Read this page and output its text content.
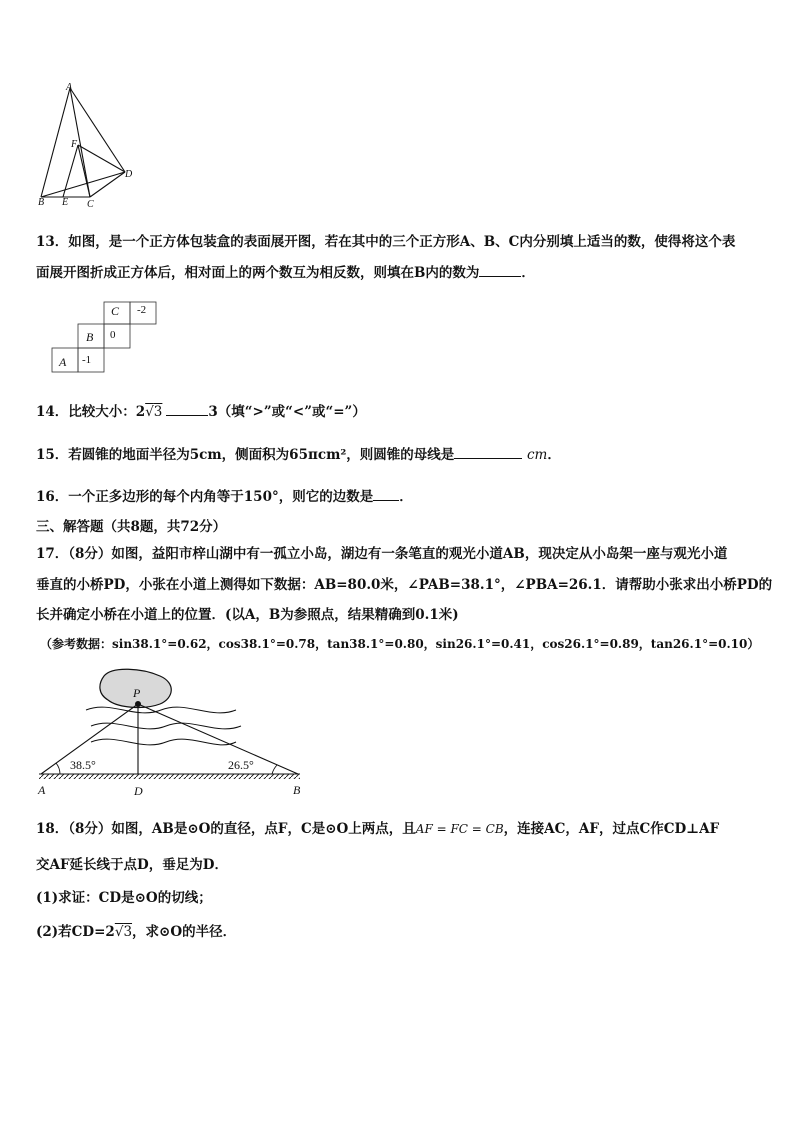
A
F
D
B E C
13．如图，是一个正方体包装盒的表面展开图，若在其中的三个正方形A、B、C内分别填上适当的数，使得将这个表
面展开图折成正方体后，相对面上的两个数互为相反数，则填在B内的数为	．
C -2
B 0
A -1
14．比较大小：2√3	3（填“>”或“<”或“=”）
15．若圆锥的地面半径为5cm，侧面积为65πcm²，则圆锥的母线是	cm．
16．一个正多边形的每个内角等于150°，则它的边数是 ．
三、解答题（共8题，共72分）
17．（8分）如图，益阳市梓山湖中有一孤立小岛，湖边有一条笔直的观光小道AB，现决定从小岛架一座与观光小道
垂直的小桥PD，小张在小道上测得如下数据：AB=80.0米，∠PAB=38.1°，∠PBA=26.1．请帮助小张求出小桥PD的
长并确定小桥在小道上的位置．(以A，B为参照点，结果精确到0.1米)
（参考数据：sin38.1°=0.62，cos38.1°=0.78，tan38.1°=0.80，sin26.1°=0.41，cos26.1°=0.89，tan26.1°=0.10）
P
38.5°	26.5°
A	D	B
18．（8分）如图，AB是⊙O的直径，点F，C是⊙O上两点，且AF = FC = CB，连接AC，AF，过点C作CD⊥AF
交AF延长线于点D，垂足为D．
(1)求证：CD是⊙O的切线；
(2)若CD=2√3，求⊙O的半径．
